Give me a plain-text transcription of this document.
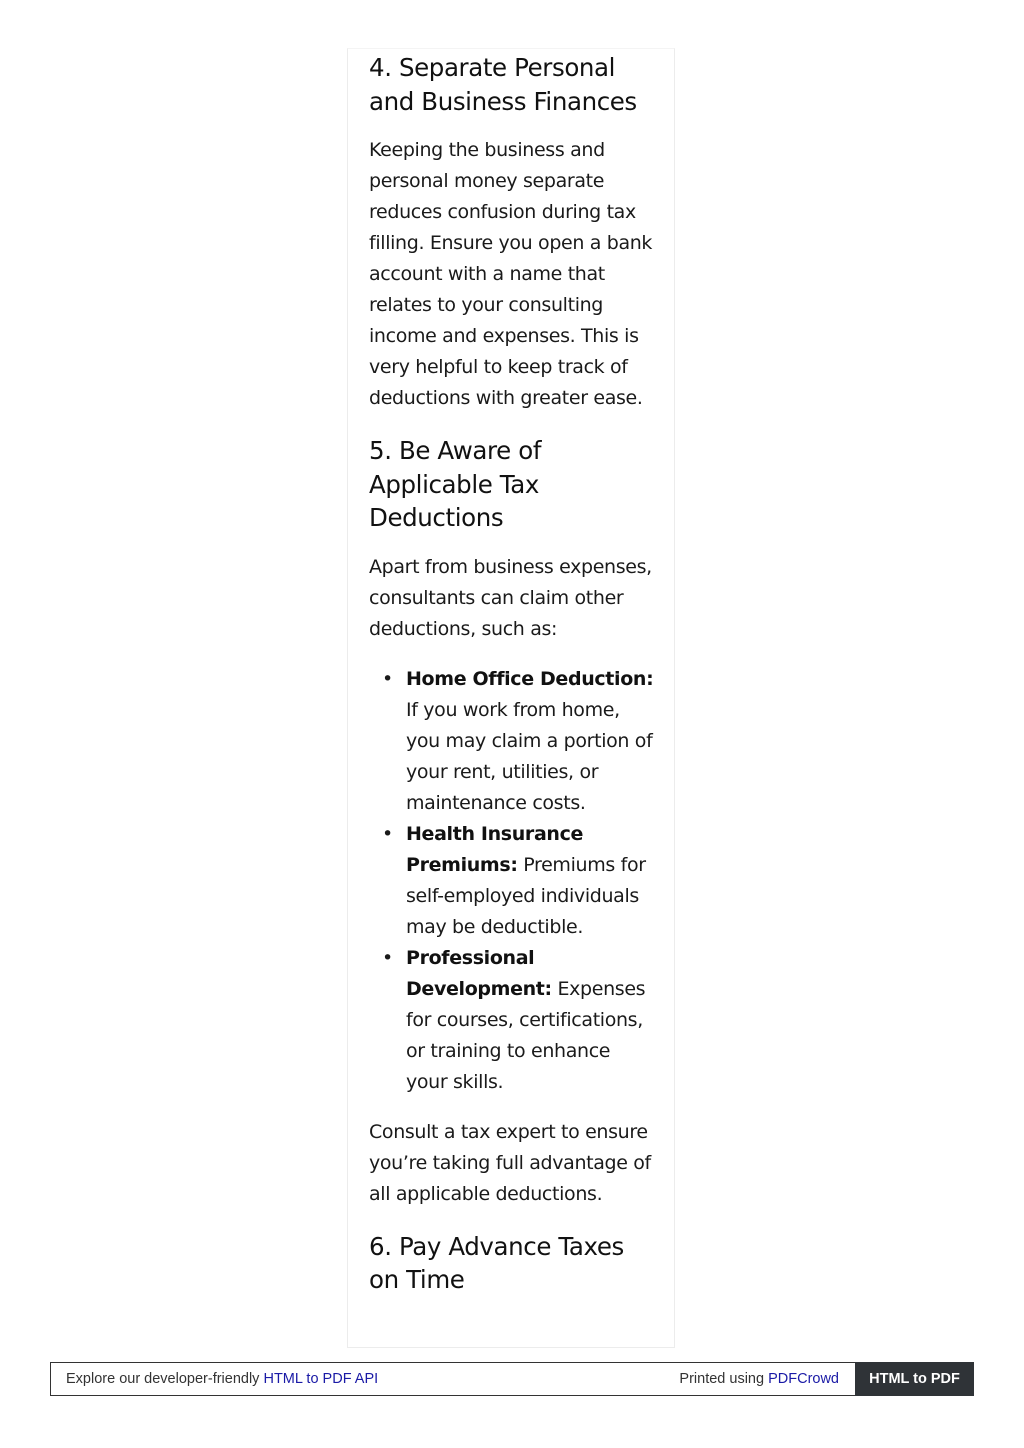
4. Separate Personal
and Business Finances

Keeping the business and personal money separate reduces confusion during tax filling. Ensure you open a bank account with a name that relates to your consulting income and expenses. This is very helpful to keep track of deductions with greater ease.

5. Be Aware of
Applicable Tax
Deductions

Apart from business expenses, consultants can claim other deductions, such as:

• Home Office Deduction: If you work from home, you may claim a portion of your rent, utilities, or maintenance costs.
• Health Insurance Premiums: Premiums for self-employed individuals may be deductible.
• Professional Development: Expenses for courses, certifications, or training to enhance your skills.

Consult a tax expert to ensure you’re taking full advantage of all applicable deductions.

6. Pay Advance Taxes
on Time
Explore our developer-friendly HTML to PDF API	Printed using PDFCrowd	HTML to PDF
